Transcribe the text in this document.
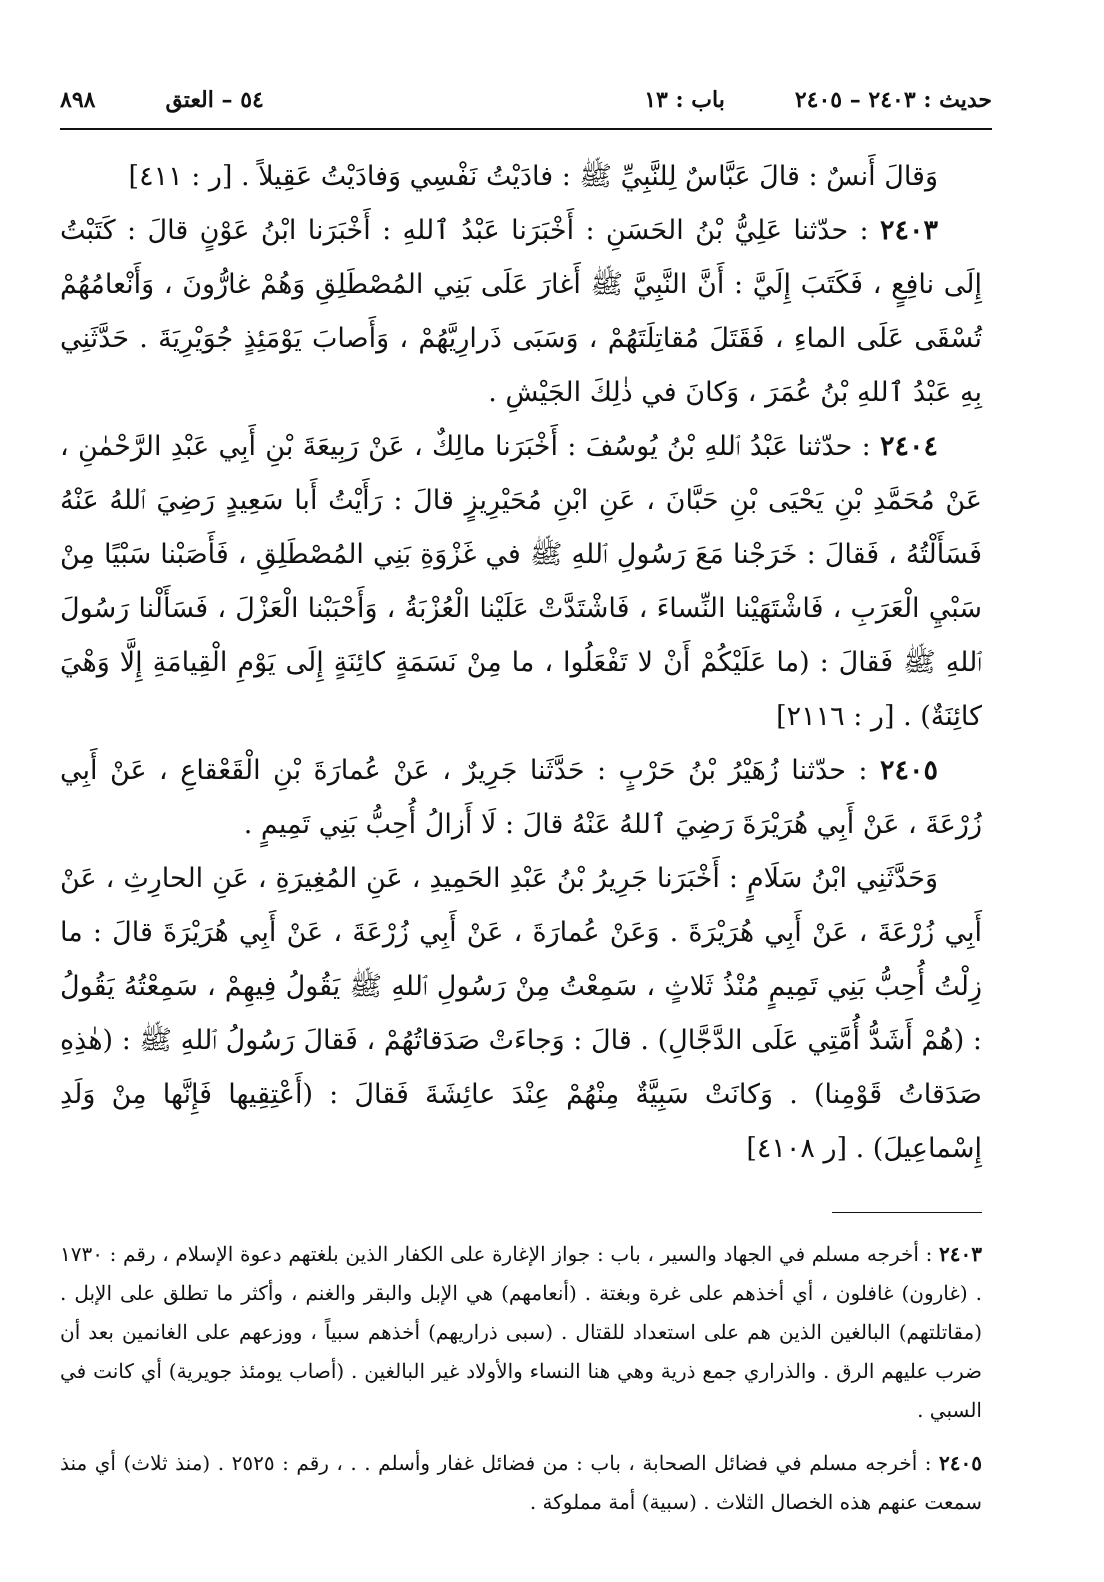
٨٩٨	٥٤ – العتق	باب : ١٣	حديث : ٢٤٠٣ – ٢٤٠٥

وَقالَ أَنسٌ : قالَ عَبَّاسٌ لِلنَّبِيِّ ﷺ : فادَيْتُ نَفْسِي وَفادَيْتُ عَقِيلاً . [ر : ٤١١]

٢٤٠٣ : حدّثنا عَلِيُّ بْنُ الحَسَنِ : أَخْبَرَنا عَبْدُ ٱللهِ : أَخْبَرَنا ابْنُ عَوْنٍ قالَ : كَتَبْتُ إِلَى نافِعٍ ، فَكَتَبَ إِلَيَّ : أَنَّ النَّبِيَّ ﷺ أَغارَ عَلَى بَنِي المُصْطَلِقِ وَهُمْ غارُّونَ ، وَأَنْعامُهُمْ تُسْقَى عَلَى الماءِ ، فَقَتَلَ مُقاتِلَتَهُمْ ، وَسَبَى ذَرارِيَّهُمْ ، وَأَصابَ يَوْمَئِذٍ جُوَيْرِيَةَ . حَدَّثَنِي بِهِ عَبْدُ ٱللهِ بْنُ عُمَرَ ، وَكانَ في ذٰلِكَ الجَيْشِ .

٢٤٠٤ : حدّثنا عَبْدُ ٱللهِ بْنُ يُوسُفَ : أَخْبَرَنا مالِكٌ ، عَنْ رَبِيعَةَ بْنِ أَبِي عَبْدِ الرَّحْمٰنِ ، عَنْ مُحَمَّدِ بْنِ يَحْيَى بْنِ حَبَّانَ ، عَنِ ابْنِ مُحَيْرِيزٍ قالَ : رَأَيْتُ أَبا سَعِيدٍ رَضِيَ ٱللهُ عَنْهُ فَسَأَلْتُهُ ، فَقالَ : خَرَجْنا مَعَ رَسُولِ ٱللهِ ﷺ في غَزْوَةِ بَنِي المُصْطَلِقِ ، فَأَصَبْنا سَبْيًا مِنْ سَبْيِ الْعَرَبِ ، فَاشْتَهَيْنا النِّساءَ ، فَاشْتَدَّتْ عَلَيْنا الْعُزْبَةُ ، وَأَحْبَبْنا الْعَزْلَ ، فَسَأَلْنا رَسُولَ ٱللهِ ﷺ فَقالَ : (ما عَلَيْكُمْ أَنْ لا تَفْعَلُوا ، ما مِنْ نَسَمَةٍ كائِنَةٍ إِلَى يَوْمِ الْقِيامَةِ إِلَّا وَهْيَ كائِنَةٌ) . [ر : ٢١١٦]

٢٤٠٥ : حدّثنا زُهَيْرُ بْنُ حَرْبٍ : حَدَّثَنا جَرِيرٌ ، عَنْ عُمارَةَ بْنِ الْقَعْقاعِ ، عَنْ أَبِي زُرْعَةَ ، عَنْ أَبِي هُرَيْرَةَ رَضِيَ ٱللهُ عَنْهُ قالَ : لَا أَزالُ أُحِبُّ بَنِي تَمِيمٍ .

وَحَدَّثَنِي ابْنُ سَلَامٍ : أَخْبَرَنا جَرِيرُ بْنُ عَبْدِ الحَمِيدِ ، عَنِ المُغِيرَةِ ، عَنِ الحارِثِ ، عَنْ أَبِي زُرْعَةَ ، عَنْ أَبِي هُرَيْرَةَ . وَعَنْ عُمارَةَ ، عَنْ أَبِي زُرْعَةَ ، عَنْ أَبِي هُرَيْرَةَ قالَ : ما زِلْتُ أُحِبُّ بَنِي تَمِيمٍ مُنْذُ ثَلاثٍ ، سَمِعْتُ مِنْ رَسُولِ ٱللهِ ﷺ يَقُولُ فِيهِمْ ، سَمِعْتُهُ يَقُولُ : (هُمْ أَشَدُّ أُمَّتِي عَلَى الدَّجَّالِ) . قالَ : وَجاءَتْ صَدَقاتُهُمْ ، فَقالَ رَسُولُ ٱللهِ ﷺ : (هٰذِهِ صَدَقاتُ قَوْمِنا) . وَكانَتْ سَبِيَّةٌ مِنْهُمْ عِنْدَ عائِشَةَ فَقالَ : (أَعْتِقِيها فَإِنَّها مِنْ وَلَدِ إِسْماعِيلَ) . [ر ٤١٠٨]

٢٤٠٣ : أخرجه مسلم في الجهاد والسير ، باب : جواز الإغارة على الكفار الذين بلغتهم دعوة الإسلام ، رقم : ١٧٣٠ . (غارون) غافلون ، أي أخذهم على غرة وبغتة . (أنعامهم) هي الإبل والبقر والغنم ، وأكثر ما تطلق على الإبل . (مقاتلتهم) البالغين الذين هم على استعداد للقتال . (سبى ذراريهم) أخذهم سبياً ، ووزعهم على الغانمين بعد أن ضرب عليهم الرق . والذراري جمع ذرية وهي هنا النساء والأولاد غير البالغين . (أصاب يومئذ جويرية) أي كانت في السبي .

٢٤٠٥ : أخرجه مسلم في فضائل الصحابة ، باب : من فضائل غفار وأسلم . . ، رقم : ٢٥٢٥ . (منذ ثلاث) أي منذ سمعت عنهم هذه الخصال الثلاث . (سبية) أمة مملوكة .
